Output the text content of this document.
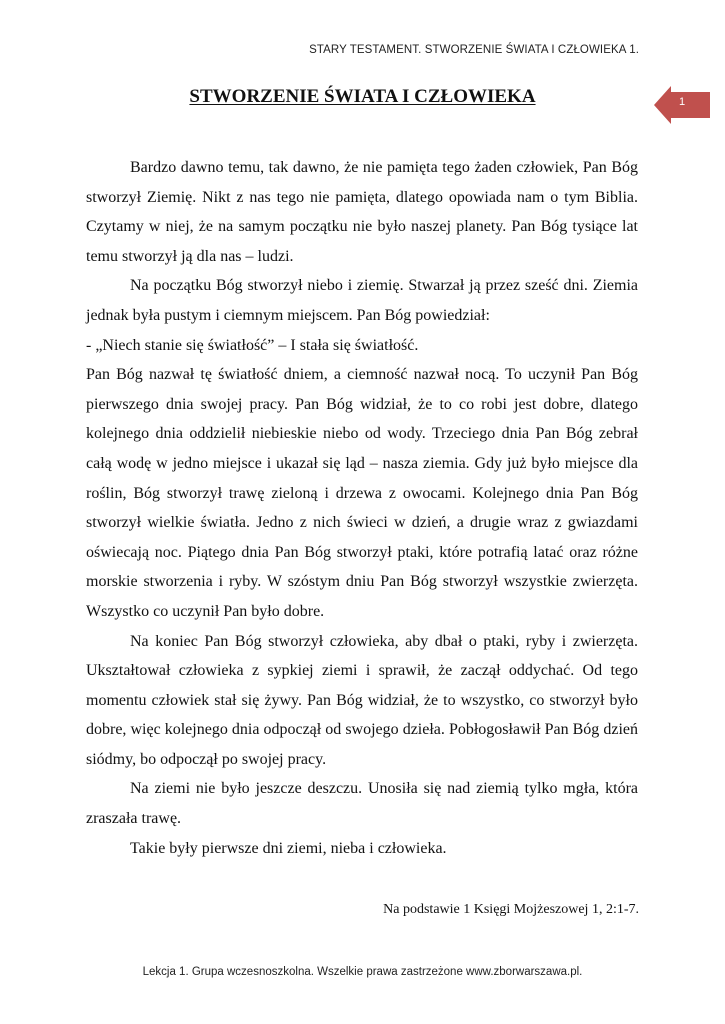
STARY TESTAMENT. STWORZENIE ŚWIATA I CZŁOWIEKA 1.
1
STWORZENIE ŚWIATA I CZŁOWIEKA

Bardzo dawno temu, tak dawno, że nie pamięta tego żaden człowiek, Pan Bóg stworzył Ziemię. Nikt z nas tego nie pamięta, dlatego opowiada nam o tym Biblia. Czytamy w niej, że na samym początku nie było naszej planety. Pan Bóg tysiące lat temu stworzył ją dla nas – ludzi.

Na początku Bóg stworzył niebo i ziemię. Stwarzał ją przez sześć dni. Ziemia jednak była pustym i ciemnym miejscem. Pan Bóg powiedział:

- „Niech stanie się światłość” – I stała się światłość.

Pan Bóg nazwał tę światłość dniem, a ciemność nazwał nocą. To uczynił Pan Bóg pierwszego dnia swojej pracy. Pan Bóg widział, że to co robi jest dobre, dlatego kolejnego dnia oddzielił niebieskie niebo od wody. Trzeciego dnia Pan Bóg zebrał całą wodę w jedno miejsce i ukazał się ląd – nasza ziemia. Gdy już było miejsce dla roślin, Bóg stworzył trawę zieloną i drzewa z owocami. Kolejnego dnia Pan Bóg stworzył wielkie światła. Jedno z nich świeci w dzień, a drugie wraz z gwiazdami oświecają noc. Piątego dnia Pan Bóg stworzył ptaki, które potrafią latać oraz różne morskie stworzenia i ryby. W szóstym dniu Pan Bóg stworzył wszystkie zwierzęta. Wszystko co uczynił Pan było dobre.

Na koniec Pan Bóg stworzył człowieka, aby dbał o ptaki, ryby i zwierzęta. Ukształtował człowieka z sypkiej ziemi i sprawił, że zaczął oddychać. Od tego momentu człowiek stał się żywy. Pan Bóg widział, że to wszystko, co stworzył było dobre, więc kolejnego dnia odpoczął od swojego dzieła. Pobłogosławił Pan Bóg dzień siódmy, bo odpoczął po swojej pracy.

Na ziemi nie było jeszcze deszczu. Unosiła się nad ziemią tylko mgła, która zraszała trawę.

Takie były pierwsze dni ziemi, nieba i człowieka.

Na podstawie 1 Księgi Mojżeszowej 1, 2:1-7.
Lekcja 1. Grupa wczesnoszkolna. Wszelkie prawa zastrzeżone www.zborwarszawa.pl.
